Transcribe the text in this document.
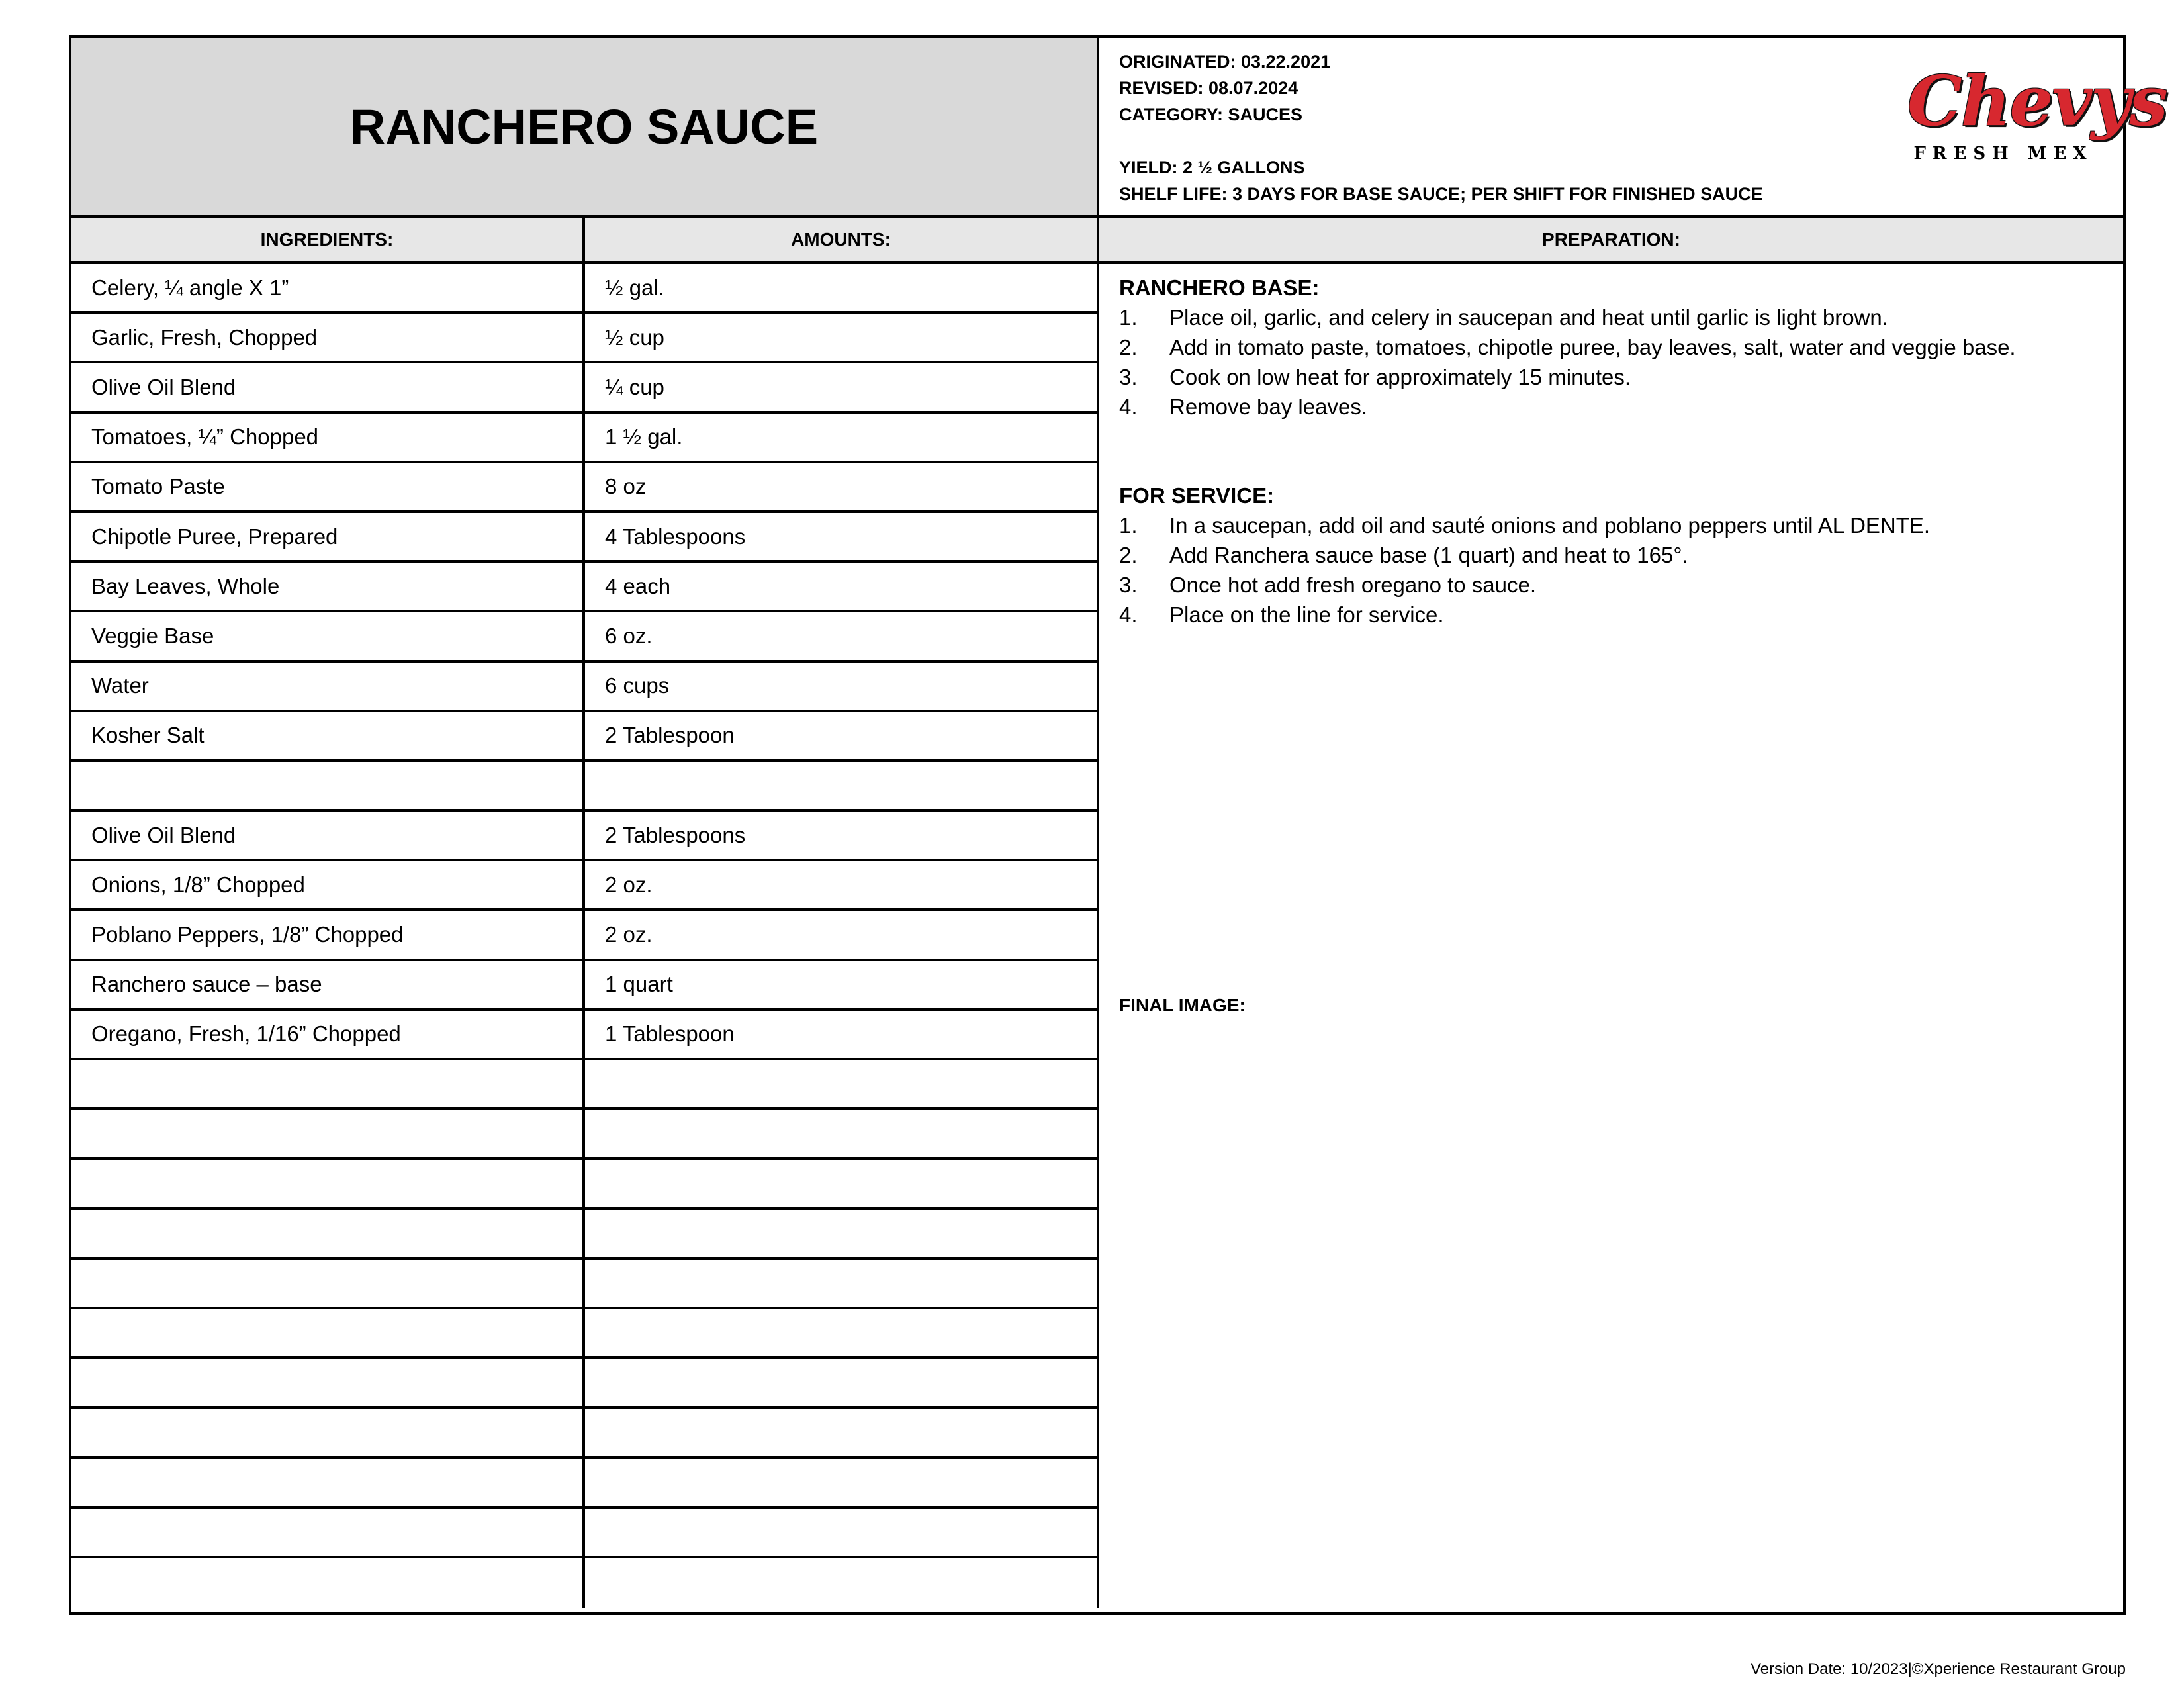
RANCHERO SAUCE
ORIGINATED: 03.22.2021
REVISED: 08.07.2024
CATEGORY: SAUCES
YIELD: 2 ½ GALLONS
SHELF LIFE: 3 DAYS FOR BASE SAUCE; PER SHIFT FOR FINISHED SAUCE
Chevys
FRESH MEX
INGREDIENTS:	AMOUNTS:	PREPARATION:
Celery, ¼ angle X 1”	½ gal.
Garlic, Fresh, Chopped	½ cup
Olive Oil Blend	¼ cup
Tomatoes, ¼” Chopped	1 ½ gal.
Tomato Paste	8 oz
Chipotle Puree, Prepared	4 Tablespoons
Bay Leaves, Whole	4 each
Veggie Base	6 oz.
Water	6 cups
Kosher Salt	2 Tablespoon
Olive Oil Blend	2 Tablespoons
Onions, 1/8” Chopped	2 oz.
Poblano Peppers, 1/8” Chopped	2 oz.
Ranchero sauce – base	1 quart
Oregano, Fresh, 1/16” Chopped	1 Tablespoon
RANCHERO BASE:
1.	Place oil, garlic, and celery in saucepan and heat until garlic is light brown.
2.	Add in tomato paste, tomatoes, chipotle puree, bay leaves, salt, water and veggie base.
3.	Cook on low heat for approximately 15 minutes.
4.	Remove bay leaves.
FOR SERVICE:
1.	In a saucepan, add oil and sauté onions and poblano peppers until AL DENTE.
2.	Add Ranchera sauce base (1 quart) and heat to 165°.
3.	Once hot add fresh oregano to sauce.
4.	Place on the line for service.
FINAL IMAGE:
Version Date: 10/2023|©Xperience Restaurant Group
